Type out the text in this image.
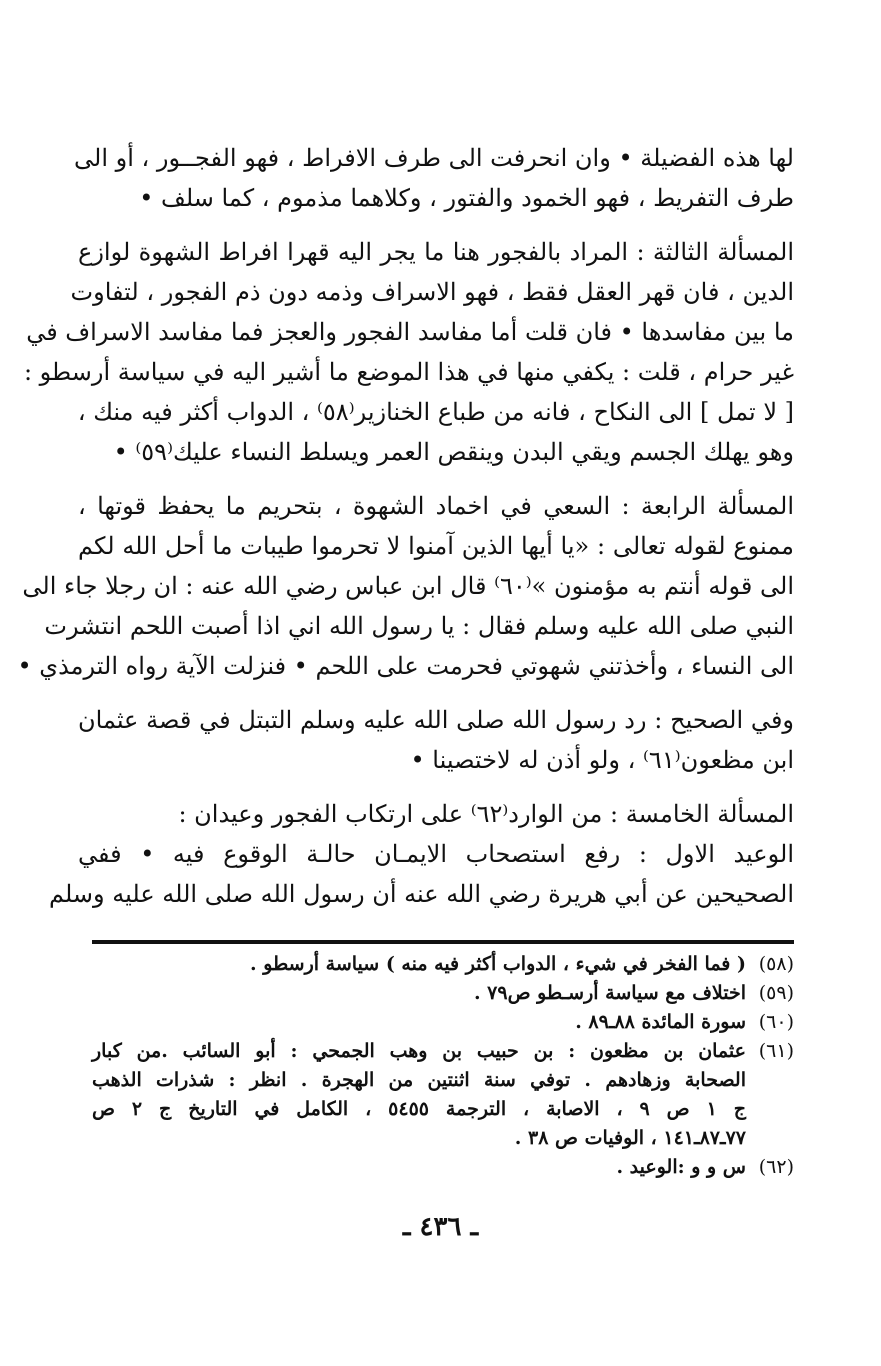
لها هذه الفضيلة • وان انحرفت الى طرف الافراط ، فهو الفجــور ، أو الى
طرف التفريط ، فهو الخمود والفتور ، وكلاهما مذموم ، كما سلف •
المسألة الثالثة : المراد بالفجور هنا ما يجر اليه قهرا افراط الشهوة لوازع
الدين ، فان قهر العقل فقط ، فهو الاسراف وذمه دون ذم الفجور ، لتفاوت
ما بين مفاسدها • فان قلت أما مفاسد الفجور والعجز فما مفاسد الاسراف في
غير حرام ، قلت : يكفي منها في هذا الموضع ما أشير اليه في سياسة أرسطو :
[ لا تمل ] الى النكاح ، فانه من طباع الخنازير⁽٥٨⁾ ، الدواب أكثر فيه منك ،
وهو يهلك الجسم ويقي البدن وينقص العمر ويسلط النساء عليك⁽٥٩⁾ •
المسألة الرابعة : السعي في اخماد الشهوة ، بتحريم ما يحفظ قوتها ،
ممنوع لقوله تعالى : «يا أيها الذين آمنوا لا تحرموا طيبات ما أحل الله لكم
الى قوله أنتم به مؤمنون »⁽٦٠⁾ قال ابن عباس رضي الله عنه : ان رجلا جاء الى
النبي صلى الله عليه وسلم فقال : يا رسول الله اني اذا أصبت اللحم انتشرت
الى النساء ، وأخذتني شهوتي فحرمت على اللحم • فنزلت الآية رواه الترمذي •
وفي الصحيح : رد رسول الله صلى الله عليه وسلم التبتل في قصة عثمان
ابن مظعون⁽٦١⁾ ، ولو أذن له لاختصينا •
المسألة الخامسة : من الوارد⁽٦٢⁾ على ارتكاب الفجور وعيدان :
الوعيد الاول : رفع استصحاب الايمـان حالـة الوقوع فيه • ففي
الصحيحين عن أبي هريرة رضي الله عنه أن رسول الله صلى الله عليه وسلم
(٥٨)
( فما الفخر في شيء ، الدواب أكثر فيه منه ) سياسة أرسطو .
(٥٩)
اختلاف مع سياسة أرسـطو ص٧٩ .
(٦٠)
سورة المائدة ٨٨ـ٨٩ .
(٦١)
عثمان بن مظعون : بن حبيب بن وهب الجمحي : أبو السائب .من كبار
الصحابة وزهادهم . توفي سنة اثنتين من الهجرة . انظر : شذرات الذهب
ج ١ ص ٩ ، الاصابة ، الترجمة ٥٤٥٥ ، الكامل في التاريخ ج ٢ ص
٧٧ـ٨٧ـ١٤١ ، الوفيات ص ٣٨ .
(٦٢)
س و و :الوعيد .
ـ ٤٣٦ ـ
